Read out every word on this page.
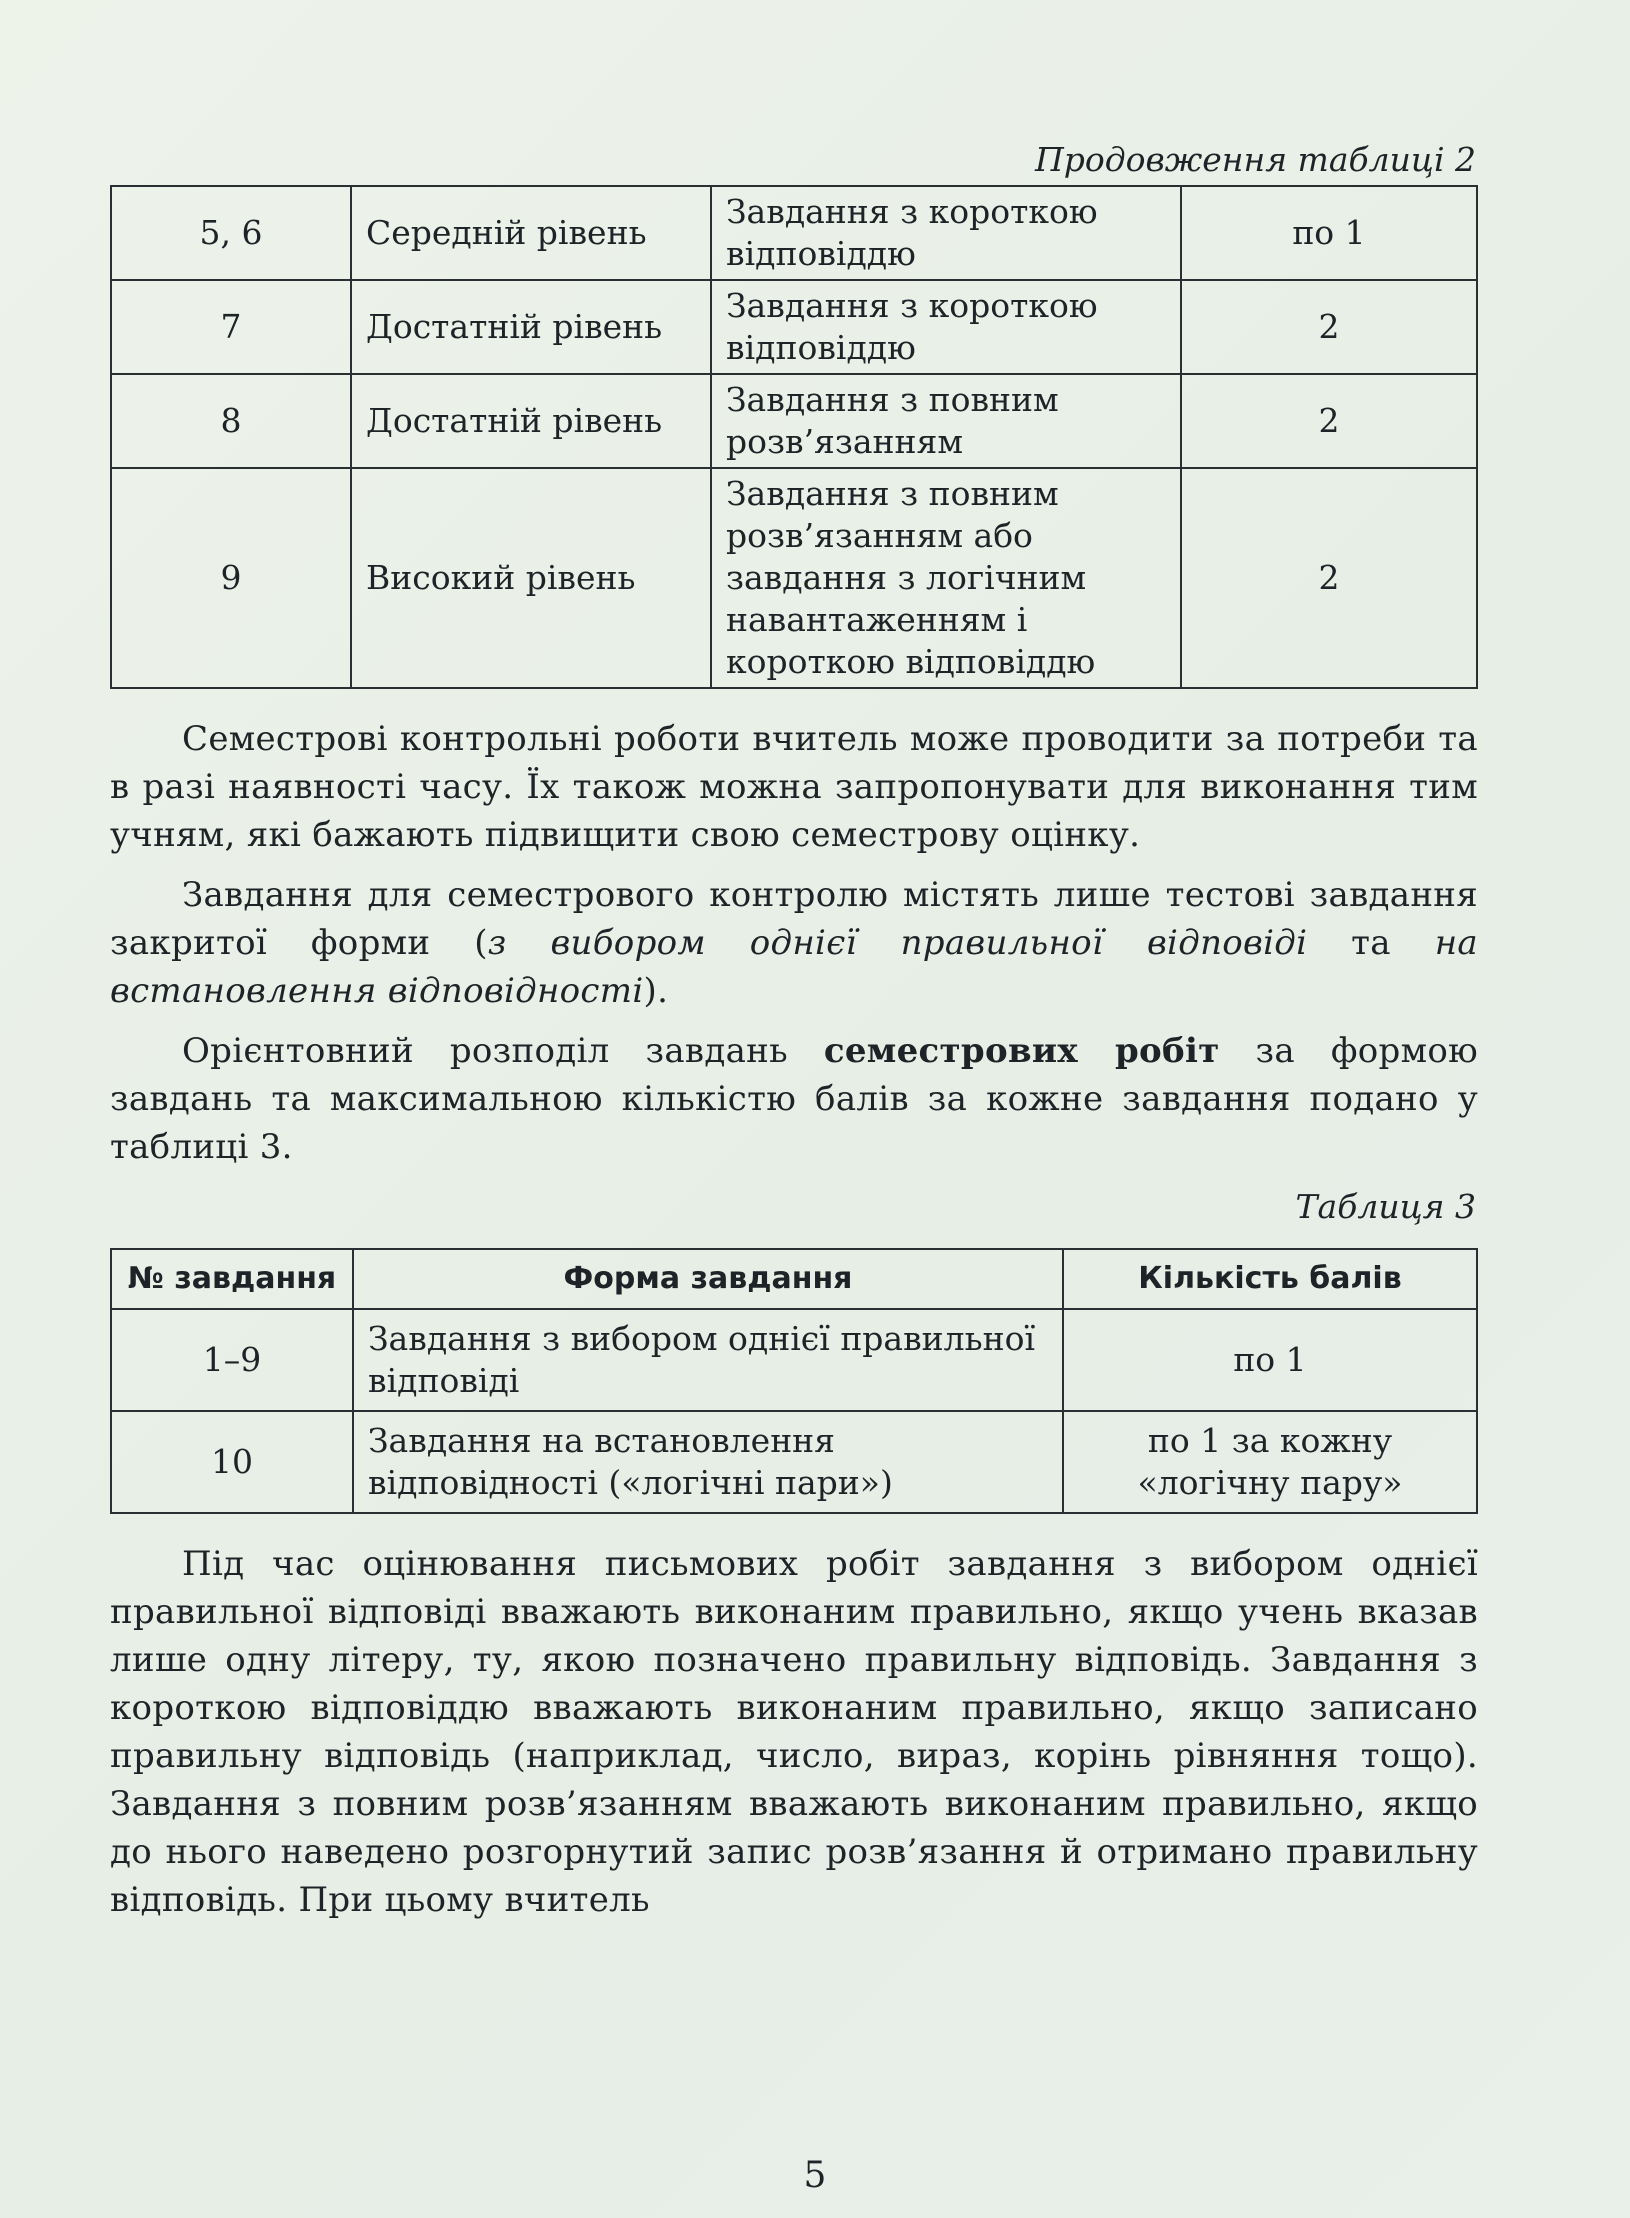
Продовження таблиці 2
5, 6	Середній рівень	Завдання з короткою відповіддю	по 1
7	Достатній рівень	Завдання з короткою відповіддю	2
8	Достатній рівень	Завдання з повним розв’язанням	2
9	Високий рівень	Завдання з повним розв’язанням або завдання з логічним навантаженням і короткою відповіддю	2

Семестрові контрольні роботи вчитель може проводити за потреби та в разі наявності часу. Їх також можна запропонувати для виконання тим учням, які бажають підвищити свою семестрову оцінку.

Завдання для семестрового контролю містять лише тестові завдання закритої форми (з вибором однієї правильної відповіді та на встановлення відповідності).

Орієнтовний розподіл завдань семестрових робіт за формою завдань та максимальною кількістю балів за кожне завдання подано у таблиці 3.

Таблиця 3
№ завдання	Форма завдання	Кількість балів
1–9	Завдання з вибором однієї правильної відповіді	по 1
10	Завдання на встановлення відповідності («логічні пари»)	по 1 за кожну «логічну пару»

Під час оцінювання письмових робіт завдання з вибором однієї правильної відповіді вважають виконаним правильно, якщо учень вказав лише одну літеру, ту, якою позначено правильну відповідь. Завдання з короткою відповіддю вважають виконаним правильно, якщо записано правильну відповідь (наприклад, число, вираз, корінь рівняння тощо). Завдання з повним розв’язанням вважають виконаним правильно, якщо до нього наведено розгорнутий запис розв’язання й отримано правильну відповідь. При цьому вчитель

5
